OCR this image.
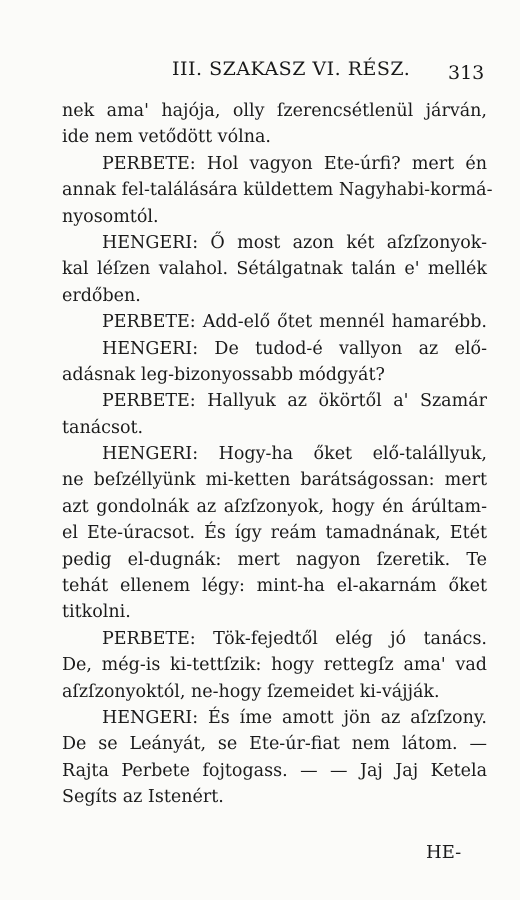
III. SZAKASZ VI. RÉSZ. 313
nek ama' hajója, olly ſzerencsétlenül járván,
ide nem vetődött vólna.
PERBETE: Hol vagyon Ete-úrfi? mert én
annak fel-találására küldettem Nagyhabi-kormá-
nyosomtól.
HENGERI: Ő most azon két aſzſzonyok-
kal léſzen valahol. Sétálgatnak talán e' mellék
erdőben.
PERBETE: Add-elő őtet mennél hamarébb.
HENGERI: De tudod-é vallyon az elő-
adásnak leg-bizonyossabb módgyát?
PERBETE: Hallyuk az ökörtől a' Szamár
tanácsot.
HENGERI: Hogy-ha őket elő-talállyuk,
ne beſzéllyünk mi-ketten barátságossan: mert
azt gondolnák az aſzſzonyok, hogy én árúltam-
el Ete-úracsot. És így reám tamadnának, Etét
pedig el-dugnák: mert nagyon ſzeretik. Te
tehát ellenem légy: mint-ha el-akarnám őket
titkolni.
PERBETE: Tök-fejedtől elég jó tanács.
De, még-is ki-tettſzik: hogy rettegſz ama' vad
aſzſzonyoktól, ne-hogy ſzemeidet ki-vájják.
HENGERI: És íme amott jön az aſzſzony.
De se Leányát, se Ete-úr-fiat nem látom. —
Rajta Perbete fojtogass. — — Jaj Jaj Ketela
Segíts az Istenért.
HE-
